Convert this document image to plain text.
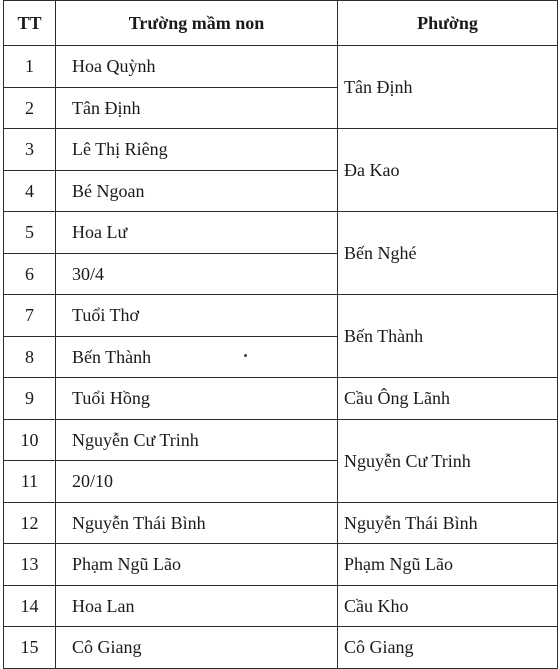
TT	Trường mầm non	Phường
1	Hoa Quỳnh	Tân Định
2	Tân Định	
3	Lê Thị Riêng	Đa Kao
4	Bé Ngoan	
5	Hoa Lư	Bến Nghé
6	30/4	
7	Tuổi Thơ	Bến Thành
8	Bến Thành	
9	Tuổi Hồng	Cầu Ông Lãnh
10	Nguyễn Cư Trinh	Nguyễn Cư Trinh
11	20/10	
12	Nguyễn Thái Bình	Nguyễn Thái Bình
13	Phạm Ngũ Lão	Phạm Ngũ Lão
14	Hoa Lan	Cầu Kho
15	Cô Giang	Cô Giang
